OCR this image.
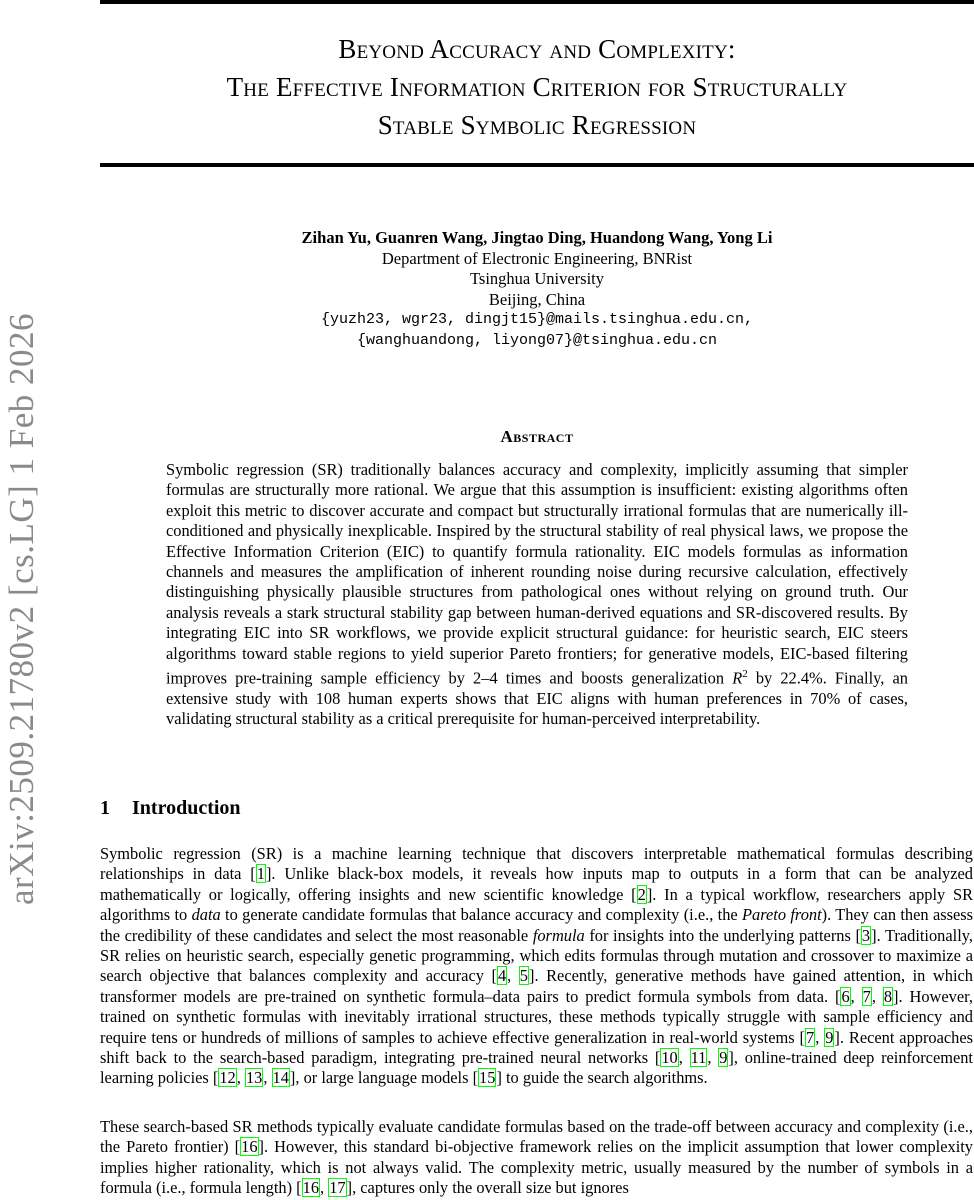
Beyond Accuracy and Complexity:
The Effective Information Criterion for Structurally
Stable Symbolic Regression
arXiv:2509.21780v2 [cs.LG] 1 Feb 2026
Zihan Yu, Guanren Wang, Jingtao Ding, Huandong Wang, Yong Li
Department of Electronic Engineering, BNRist
Tsinghua University
Beijing, China
{yuzh23, wgr23, dingjt15}@mails.tsinghua.edu.cn,
{wanghuandong, liyong07}@tsinghua.edu.cn
Abstract
Symbolic regression (SR) traditionally balances accuracy and complexity, implicitly assuming that simpler formulas are structurally more rational. We argue that this assumption is insufficient: existing algorithms often exploit this metric to discover accurate and compact but structurally irrational formulas that are numerically ill-conditioned and physically inexplicable. Inspired by the structural stability of real physical laws, we propose the Effective Information Criterion (EIC) to quantify formula rationality. EIC models formulas as information channels and measures the amplification of inherent rounding noise during recursive calculation, effectively distinguishing physically plausible structures from pathological ones without relying on ground truth. Our analysis reveals a stark structural stability gap between human-derived equations and SR-discovered results. By integrating EIC into SR workflows, we provide explicit structural guidance: for heuristic search, EIC steers algorithms toward stable regions to yield superior Pareto frontiers; for generative models, EIC-based filtering improves pre-training sample efficiency by 2–4 times and boosts generalization $R^2$ by 22.4%. Finally, an extensive study with 108 human experts shows that EIC aligns with human preferences in 70% of cases, validating structural stability as a critical prerequisite for human-perceived interpretability.
1 Introduction
Symbolic regression (SR) is a machine learning technique that discovers interpretable mathematical formulas describing relationships in data [1]. Unlike black-box models, it reveals how inputs map to outputs in a form that can be analyzed mathematically or logically, offering insights and new scientific knowledge [2]. In a typical workflow, researchers apply SR algorithms to data to generate candidate formulas that balance accuracy and complexity (i.e., the Pareto front). They can then assess the credibility of these candidates and select the most reasonable formula for insights into the underlying patterns [3]. Traditionally, SR relies on heuristic search, especially genetic programming, which edits formulas through mutation and crossover to maximize a search objective that balances complexity and accuracy [4, 5]. Recently, generative methods have gained attention, in which transformer models are pre-trained on synthetic formula–data pairs to predict formula symbols from data. [6, 7, 8]. However, trained on synthetic formulas with inevitably irrational structures, these methods typically struggle with sample efficiency and require tens or hundreds of millions of samples to achieve effective generalization in real-world systems [7, 9]. Recent approaches shift back to the search-based paradigm, integrating pre-trained neural networks [10, 11, 9], online-trained deep reinforcement learning policies [12, 13, 14], or large language models [15] to guide the search algorithms.
These search-based SR methods typically evaluate candidate formulas based on the trade-off between accuracy and complexity (i.e., the Pareto frontier) [16]. However, this standard bi-objective framework relies on the implicit assumption that lower complexity implies higher rationality, which is not always valid. The complexity metric, usually measured by the number of symbols in a formula (i.e., formula length) [16, 17], captures only the overall size but ignores
